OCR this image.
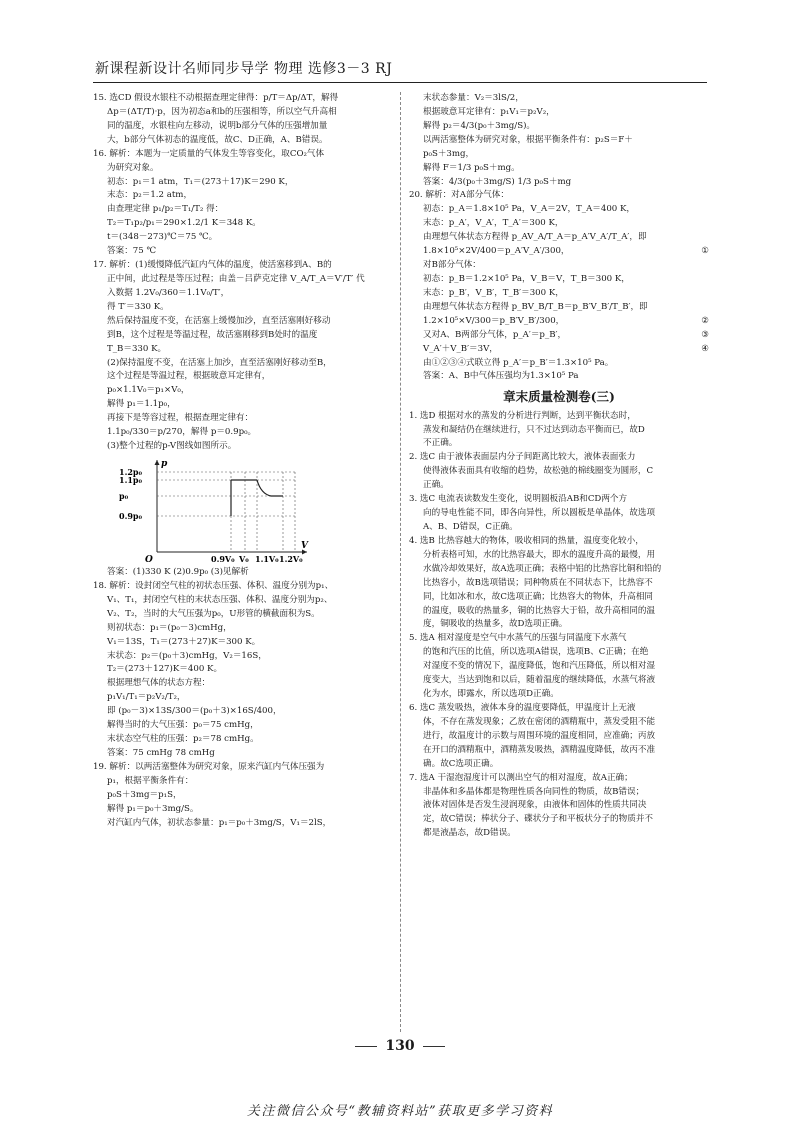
新课程新设计名师同步导学 物理 选修3－3 RJ
15. 选CD 假设水银柱不动根据查理定律得：p/T＝Δp/ΔT，解得
Δp＝(ΔT/T)·p，因为初态a和b的压强相等，所以空气升高相
同的温度，水银柱向左移动，说明b部分气体的压强增加量
大，b部分气体初态的温度低，故C、D正确，A、B错误。
16. 解析：本题为一定质量的气体发生等容变化，取CO₂气体
为研究对象。
初态：p₁＝1 atm，T₁＝(273＋17)K＝290 K，
末态：p₂＝1.2 atm，
由查理定律 p₁/p₂＝T₁/T₂ 得：
T₂＝T₁p₂/p₁＝290×1.2/1 K＝348 K。
t＝(348－273)℃＝75 ℃。
答案：75 ℃
17. 解析：(1)缓慢降低汽缸内气体的温度，使活塞移到A、B的
正中间，此过程是等压过程；由盖－吕萨克定律 V_A/T_A＝V′/T′ 代
入数据 1.2V₀/360＝1.1V₀/T′，
得 T′＝330 K。
然后保持温度不变，在活塞上缓慢加沙，直至活塞刚好移动
到B，这个过程是等温过程，故活塞刚移到B处时的温度
T_B＝330 K。
(2)保持温度不变，在活塞上加沙，直至活塞刚好移动至B，
这个过程是等温过程，根据玻意耳定律有，
p₀×1.1V₀＝p₁×V₀，
解得 p₁＝1.1p₀，
再接下是等容过程，根据查理定律有：
1.1p₀/330＝p/270，解得 p＝0.9p₀。
(3)整个过程的p-V图线如图所示。
p
V
O
1.2p₀
1.1p₀
p₀
0.9p₀
0.9V₀ V₀ 1.1V₀ 1.2V₀
答案：(1)330 K (2)0.9p₀ (3)见解析
18. 解析：设封闭空气柱的初状态压强、体积、温度分别为p₁、
V₁、T₁，封闭空气柱的末状态压强、体积、温度分别为p₂、
V₂、T₂，当时的大气压强为p₀，U形管的横截面积为S。
则初状态：p₁＝(p₀－3)cmHg，
V₁＝13S，T₁＝(273＋27)K＝300 K。
末状态：p₂＝(p₀＋3)cmHg，V₂＝16S，
T₂＝(273＋127)K＝400 K。
根据理想气体的状态方程：
p₁V₁/T₁＝p₂V₂/T₂，
即 (p₀－3)×13S/300＝(p₀＋3)×16S/400，
解得当时的大气压强：p₀＝75 cmHg，
末状态空气柱的压强：p₂＝78 cmHg。
答案：75 cmHg 78 cmHg
19. 解析：以两活塞整体为研究对象，原来汽缸内气体压强为
p₁，根据平衡条件有：
p₀S＋3mg＝p₁S，
解得 p₁＝p₀＋3mg/S。
对汽缸内气体，初状态参量：p₁＝p₀＋3mg/S，V₁＝2lS，
末状态参量：V₂＝3lS/2，
根据玻意耳定律有：p₁V₁＝p₂V₂，
解得 p₂＝4/3(p₀＋3mg/S)。
以两活塞整体为研究对象，根据平衡条件有：p₂S＝F＋
p₀S＋3mg，
解得 F＝1/3 p₀S＋mg。
答案：4/3(p₀＋3mg/S) 1/3 p₀S＋mg
20. 解析：对A部分气体：
初态：p_A＝1.8×10⁵ Pa，V_A＝2V，T_A＝400 K，
末态：p_A′，V_A′，T_A′＝300 K，
由理想气体状态方程得 p_AV_A/T_A＝p_A′V_A′/T_A′，即
1.8×10⁵×2V/400＝p_A′V_A′/300，	①
对B部分气体：
初态：p_B＝1.2×10⁵ Pa，V_B＝V，T_B＝300 K，
末态：p_B′，V_B′，T_B′＝300 K，
由理想气体状态方程得 p_BV_B/T_B＝p_B′V_B′/T_B′，即
1.2×10⁵×V/300＝p_B′V_B′/300，	②
又对A、B两部分气体，p_A′＝p_B′，	③
V_A′＋V_B′＝3V，	④
由①②③④式联立得 p_A′＝p_B′＝1.3×10⁵ Pa。
答案：A、B中气体压强均为1.3×10⁵ Pa
章末质量检测卷(三)
1. 选D 根据对水的蒸发的分析进行判断，达到平衡状态时，
蒸发和凝结仍在继续进行，只不过达到动态平衡而已，故D
不正确。
2. 选C 由于液体表面层内分子间距离比较大，液体表面张力
使得液体表面具有收缩的趋势，故松弛的棉线圈变为圆形，C
正确。
3. 选C 电流表读数发生变化，说明圆板沿AB和CD两个方
向的导电性能不同，即各向异性，所以圆板是单晶体，故选项
A、B、D错误，C正确。
4. 选B 比热容越大的物体，吸收相同的热量，温度变化较小，
分析表格可知，水的比热容最大，即水的温度升高的最慢，用
水做冷却效果好，故A选项正确；表格中铝的比热容比铜和铅的
比热容小，故B选项错误；同种物质在不同状态下，比热容不
同，比如冰和水，故C选项正确；比热容大的物体，升高相同
的温度，吸收的热量多，铜的比热容大于铅，故升高相同的温
度，铜吸收的热量多，故D选项正确。
5. 选A 相对湿度是空气中水蒸气的压强与同温度下水蒸气
的饱和汽压的比值，所以选项A错误，选项B、C正确；在绝
对湿度不变的情况下，温度降低，饱和汽压降低，所以相对湿
度变大，当达到饱和以后，随着温度的继续降低，水蒸气将液
化为水，即露水，所以选项D正确。
6. 选C 蒸发吸热，液体本身的温度要降低，甲温度计上无液
体，不存在蒸发现象；乙放在密闭的酒精瓶中，蒸发受阻不能
进行，故温度计的示数与周围环境的温度相同，应准确；丙放
在开口的酒精瓶中，酒精蒸发吸热，酒精温度降低，故丙不准
确。故C选项正确。
7. 选A 干湿泡湿度计可以测出空气的相对湿度，故A正确；
非晶体和多晶体都是物理性质各向同性的物质，故B错误；
液体对固体是否发生浸润现象，由液体和固体的性质共同决
定，故C错误；棒状分子、碟状分子和平板状分子的物质并不
都是液晶态，故D错误。
130
关注微信公众号“教辅资料站”获取更多学习资料
